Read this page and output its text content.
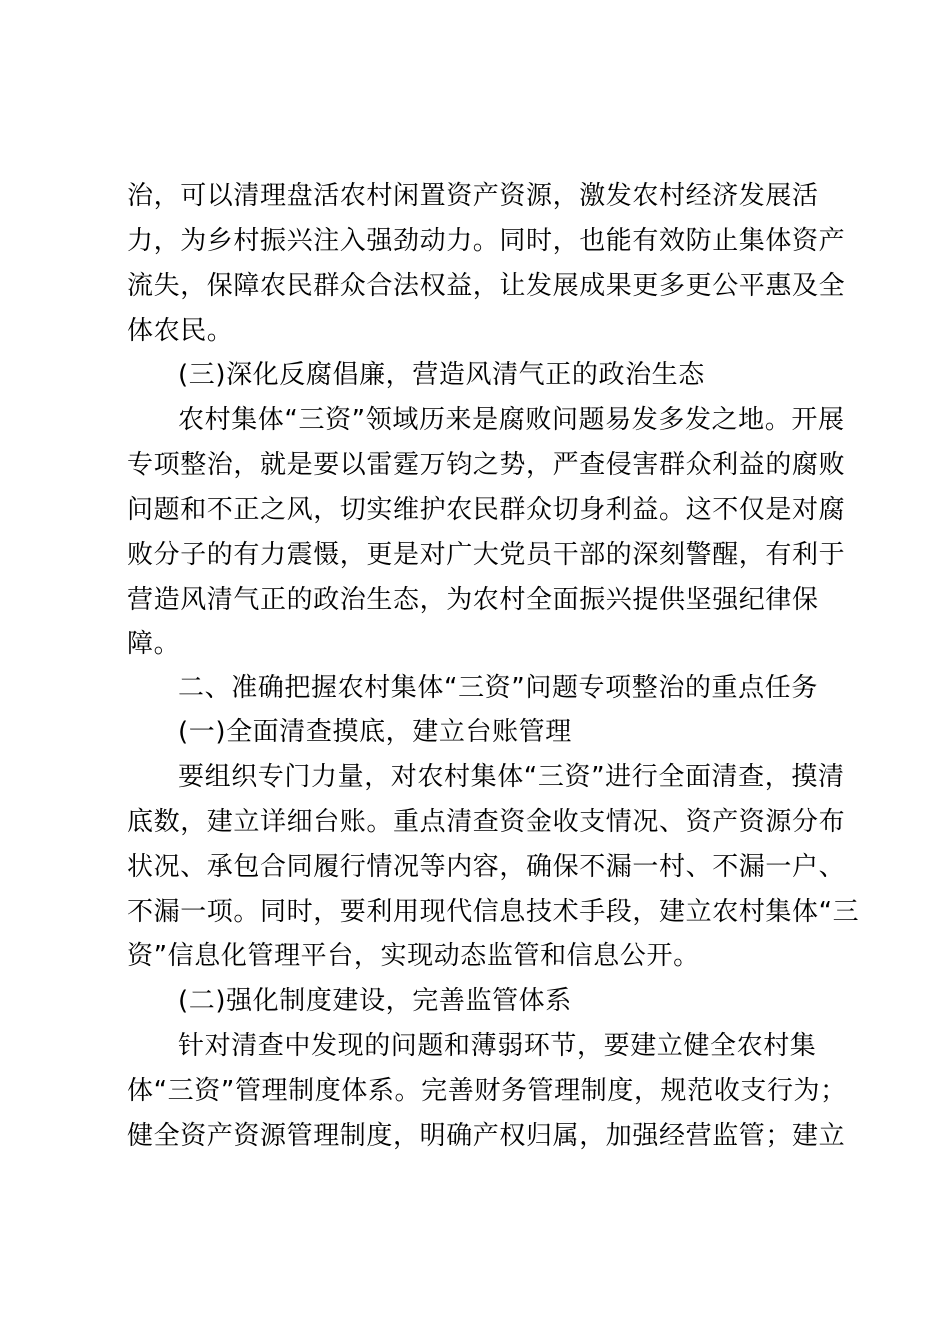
治，可以清理盘活农村闲置资产资源，激发农村经济发展活
力，为乡村振兴注入强劲动力。同时，也能有效防止集体资产
流失，保障农民群众合法权益，让发展成果更多更公平惠及全
体农民。
(三)深化反腐倡廉，营造风清气正的政治生态
农村集体“三资”领域历来是腐败问题易发多发之地。开展
专项整治，就是要以雷霆万钧之势，严查侵害群众利益的腐败
问题和不正之风，切实维护农民群众切身利益。这不仅是对腐
败分子的有力震慑，更是对广大党员干部的深刻警醒，有利于
营造风清气正的政治生态，为农村全面振兴提供坚强纪律保
障。
二、准确把握农村集体“三资”问题专项整治的重点任务
(一)全面清查摸底，建立台账管理
要组织专门力量，对农村集体“三资”进行全面清查，摸清
底数，建立详细台账。重点清查资金收支情况、资产资源分布
状况、承包合同履行情况等内容，确保不漏一村、不漏一户、
不漏一项。同时，要利用现代信息技术手段，建立农村集体“三
资”信息化管理平台，实现动态监管和信息公开。
(二)强化制度建设，完善监管体系
针对清查中发现的问题和薄弱环节，要建立健全农村集
体“三资”管理制度体系。完善财务管理制度，规范收支行为；
健全资产资源管理制度，明确产权归属，加强经营监管；建立
